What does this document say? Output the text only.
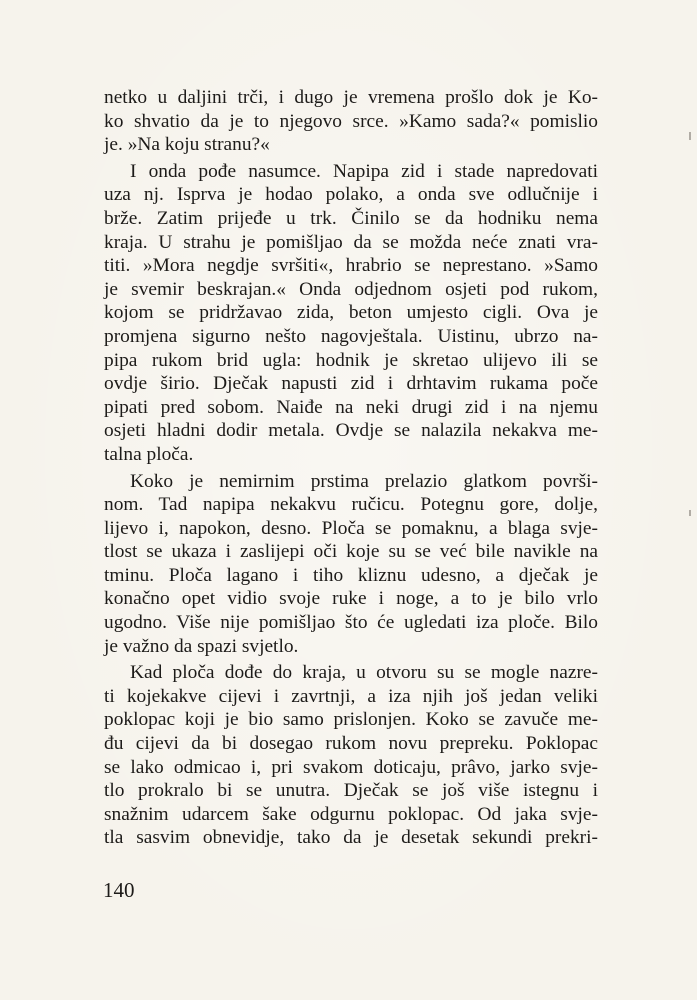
netko u daljini trči, i dugo je vremena prošlo dok je Ko-
ko shvatio da je to njegovo srce. »Kamo sada?« pomislio
je. »Na koju stranu?«
I onda pođe nasumce. Napipa zid i stade napredovati
uza nj. Isprva je hodao polako, a onda sve odlučnije i
brže. Zatim prijeđe u trk. Činilo se da hodniku nema
kraja. U strahu je pomišljao da se možda neće znati vra-
titi. »Mora negdje svršiti«, hrabrio se neprestano. »Samo
je svemir beskrajan.« Onda odjednom osjeti pod rukom,
kojom se pridržavao zida, beton umjesto cigli. Ova je
promjena sigurno nešto nagovještala. Uistinu, ubrzo na-
pipa rukom brid ugla: hodnik je skretao ulijevo ili se
ovdje širio. Dječak napusti zid i drhtavim rukama poče
pipati pred sobom. Naiđe na neki drugi zid i na njemu
osjeti hladni dodir metala. Ovdje se nalazila nekakva me-
talna ploča.
Koko je nemirnim prstima prelazio glatkom površi-
nom. Tad napipa nekakvu ručicu. Potegnu gore, dolje,
lijevo i, napokon, desno. Ploča se pomaknu, a blaga svje-
tlost se ukaza i zaslijepi oči koje su se već bile navikle na
tminu. Ploča lagano i tiho kliznu udesno, a dječak je
konačno opet vidio svoje ruke i noge, a to je bilo vrlo
ugodno. Više nije pomišljao što će ugledati iza ploče. Bilo
je važno da spazi svjetlo.
Kad ploča dođe do kraja, u otvoru su se mogle nazre-
ti kojekakve cijevi i zavrtnji, a iza njih još jedan veliki
poklopac koji je bio samo prislonjen. Koko se zavuče me-
đu cijevi da bi dosegao rukom novu prepreku. Poklopac
se lako odmicao i, pri svakom doticaju, prâvo, jarko svje-
tlo prokralo bi se unutra. Dječak se još više istegnu i
snažnim udarcem šake odgurnu poklopac. Od jaka svje-
tla sasvim obnevidje, tako da je desetak sekundi prekri-
140
